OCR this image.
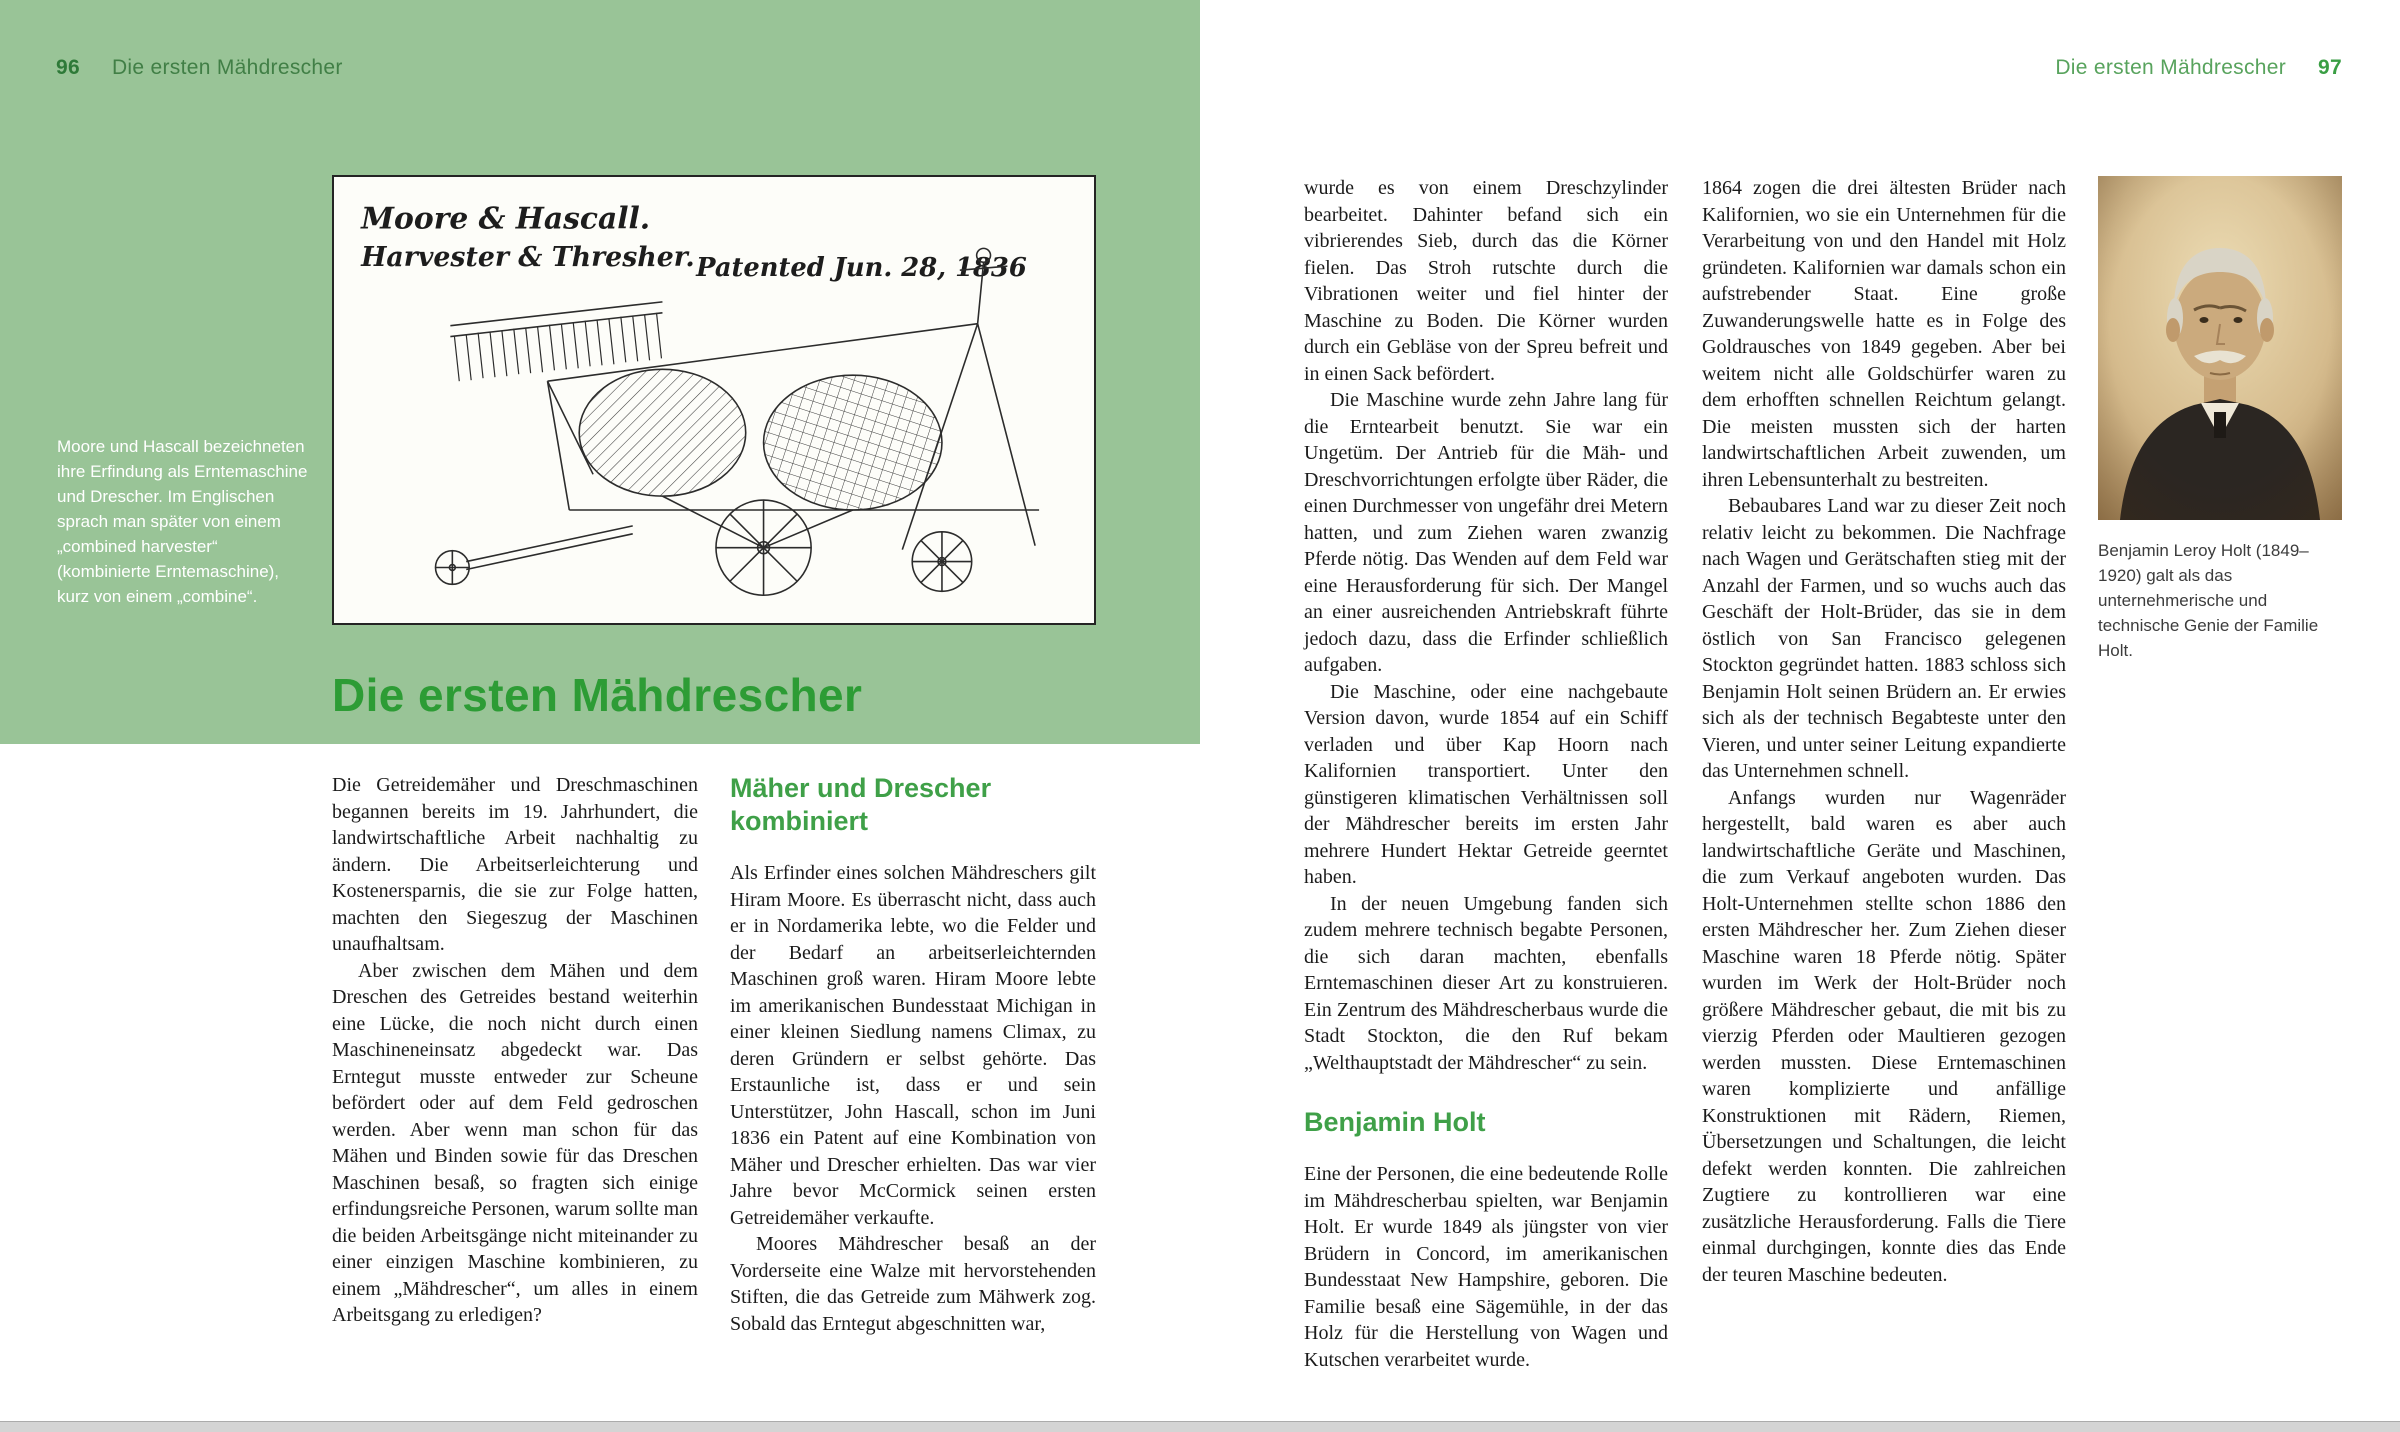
96 Die ersten Mähdrescher
Moore & Hascall.
Harvester & Thresher. Patented Jun. 28, 1836
Moore und Hascall bezeichneten ihre Erfindung als Erntemaschine und Drescher. Im Englischen sprach man später von einem „combined harvester“ (kombinierte Erntemaschine), kurz von einem „combine“.
Die ersten Mähdrescher

Die Getreidemäher und Dreschmaschinen begannen bereits im 19. Jahrhundert, die landwirtschaftliche Arbeit nachhaltig zu ändern. Die Arbeitserleichterung und Kostenersparnis, die sie zur Folge hatten, machten den Siegeszug der Maschinen unaufhaltsam.

Aber zwischen dem Mähen und dem Dreschen des Getreides bestand weiterhin eine Lücke, die noch nicht durch einen Maschineneinsatz abgedeckt war. Das Erntegut musste entweder zur Scheune befördert oder auf dem Feld gedroschen werden. Aber wenn man schon für das Mähen und Binden sowie für das Dreschen Maschinen besaß, so fragten sich einige erfindungsreiche Personen, warum sollte man die beiden Arbeitsgänge nicht miteinander zu einer einzigen Maschine kombinieren, zu einem „Mähdrescher“, um alles in einem Arbeitsgang zu erledigen?

Mäher und Drescher kombiniert

Als Erfinder eines solchen Mähdreschers gilt Hiram Moore. Es überrascht nicht, dass auch er in Nordamerika lebte, wo die Felder und der Bedarf an arbeitserleichternden Maschinen groß waren. Hiram Moore lebte im amerikanischen Bundesstaat Michigan in einer kleinen Siedlung namens Climax, zu deren Gründern er selbst gehörte. Das Erstaunliche ist, dass er und sein Unterstützer, John Hascall, schon im Juni 1836 ein Patent auf eine Kombination von Mäher und Drescher erhielten. Das war vier Jahre bevor McCormick seinen ersten Getreidemäher verkaufte.

Moores Mähdrescher besaß an der Vorderseite eine Walze mit hervorstehenden Stiften, die das Getreide zum Mähwerk zog. Sobald das Erntegut abgeschnitten war,

Die ersten Mähdrescher 97

wurde es von einem Dreschzylinder bearbeitet. Dahinter befand sich ein vibrierendes Sieb, durch das die Körner fielen. Das Stroh rutschte durch die Vibrationen weiter und fiel hinter der Maschine zu Boden. Die Körner wurden durch ein Gebläse von der Spreu befreit und in einen Sack befördert.

Die Maschine wurde zehn Jahre lang für die Erntearbeit benutzt. Sie war ein Ungetüm. Der Antrieb für die Mäh- und Dreschvorrichtungen erfolgte über Räder, die einen Durchmesser von ungefähr drei Metern hatten, und zum Ziehen waren zwanzig Pferde nötig. Das Wenden auf dem Feld war eine Herausforderung für sich. Der Mangel an einer ausreichenden Antriebskraft führte jedoch dazu, dass die Erfinder schließlich aufgaben.

Die Maschine, oder eine nachgebaute Version davon, wurde 1854 auf ein Schiff verladen und über Kap Hoorn nach Kalifornien transportiert. Unter den günstigeren klimatischen Verhältnissen soll der Mähdrescher bereits im ersten Jahr mehrere Hundert Hektar Getreide geerntet haben.

In der neuen Umgebung fanden sich zudem mehrere technisch begabte Personen, die sich daran machten, ebenfalls Erntemaschinen dieser Art zu konstruieren. Ein Zentrum des Mähdrescherbaus wurde die Stadt Stockton, die den Ruf bekam „Welthauptstadt der Mähdrescher“ zu sein.

Benjamin Holt

Eine der Personen, die eine bedeutende Rolle im Mähdrescherbau spielten, war Benjamin Holt. Er wurde 1849 als jüngster von vier Brüdern in Concord, im amerikanischen Bundesstaat New Hampshire, geboren. Die Familie besaß eine Sägemühle, in der das Holz für die Herstellung von Wagen und Kutschen verarbeitet wurde.

1864 zogen die drei ältesten Brüder nach Kalifornien, wo sie ein Unternehmen für die Verarbeitung von und den Handel mit Holz gründeten. Kalifornien war damals schon ein aufstrebender Staat. Eine große Zuwanderungswelle hatte es in Folge des Goldrausches von 1849 gegeben. Aber bei weitem nicht alle Goldschürfer waren zu dem erhofften schnellen Reichtum gelangt. Die meisten mussten sich der harten landwirtschaftlichen Arbeit zuwenden, um ihren Lebensunterhalt zu bestreiten.

Bebaubares Land war zu dieser Zeit noch relativ leicht zu bekommen. Die Nachfrage nach Wagen und Gerätschaften stieg mit der Anzahl der Farmen, und so wuchs auch das Geschäft der Holt-Brüder, das sie in dem östlich von San Francisco gelegenen Stockton gegründet hatten. 1883 schloss sich Benjamin Holt seinen Brüdern an. Er erwies sich als der technisch Begabteste unter den Vieren, und unter seiner Leitung expandierte das Unternehmen schnell.

Anfangs wurden nur Wagenräder hergestellt, bald waren es aber auch landwirtschaftliche Geräte und Maschinen, die zum Verkauf angeboten wurden. Das Holt-Unternehmen stellte schon 1886 den ersten Mähdrescher her. Zum Ziehen dieser Maschine waren 18 Pferde nötig. Später wurden im Werk der Holt-Brüder noch größere Mähdrescher gebaut, die mit bis zu vierzig Pferden oder Maultieren gezogen werden mussten. Diese Erntemaschinen waren komplizierte und anfällige Konstruktionen mit Rädern, Riemen, Übersetzungen und Schaltungen, die leicht defekt werden konnten. Die zahlreichen Zugtiere zu kontrollieren war eine zusätzliche Herausforderung. Falls die Tiere einmal durchgingen, konnte dies das Ende der teuren Maschine bedeuten.

Benjamin Leroy Holt (1849–1920) galt als das unternehmerische und technische Genie der Familie Holt.
